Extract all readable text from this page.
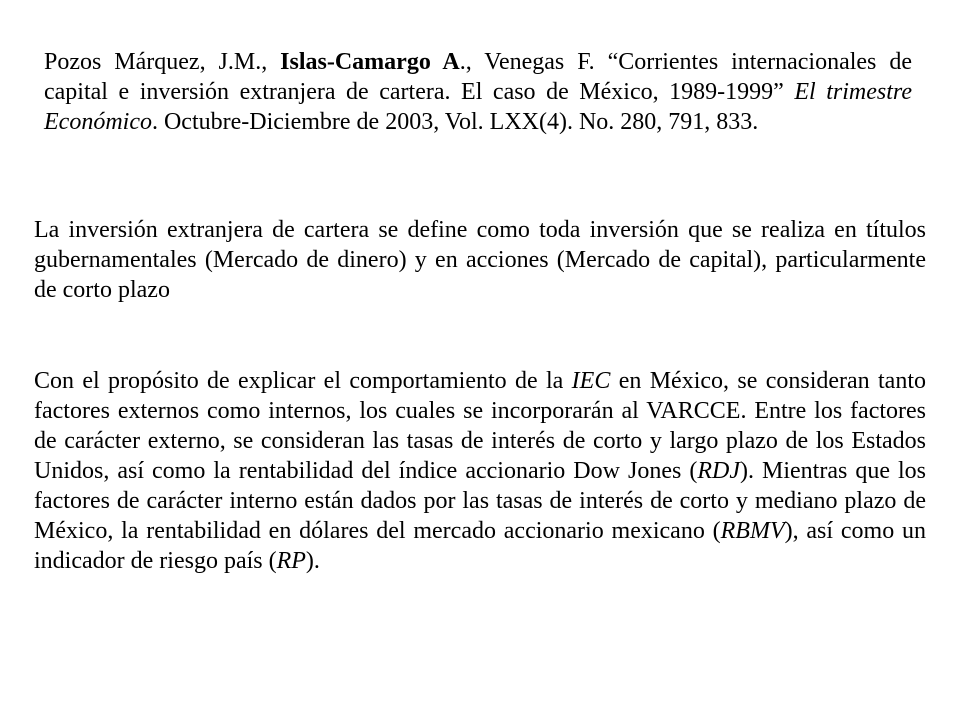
Pozos Márquez, J.M., Islas-Camargo A., Venegas F. “Corrientes internacionales de capital e inversión extranjera de cartera. El caso de México, 1989-1999” El trimestre Económico. Octubre-Diciembre de 2003, Vol. LXX(4). No. 280, 791, 833.

La inversión extranjera de cartera se define como toda inversión que se realiza en títulos gubernamentales (Mercado de dinero) y en acciones (Mercado de capital), particularmente de corto plazo

Con el propósito de explicar el comportamiento de la IEC en México, se consideran tanto factores externos como internos, los cuales se incorporarán al VARCCE. Entre los factores de carácter externo, se consideran las tasas de interés de corto y largo plazo de los Estados Unidos, así como la rentabilidad del índice accionario Dow Jones (RDJ). Mientras que los factores de carácter interno están dados por las tasas de interés de corto y mediano plazo de México, la rentabilidad en dólares del mercado accionario mexicano (RBMV), así como un indicador de riesgo país (RP).
